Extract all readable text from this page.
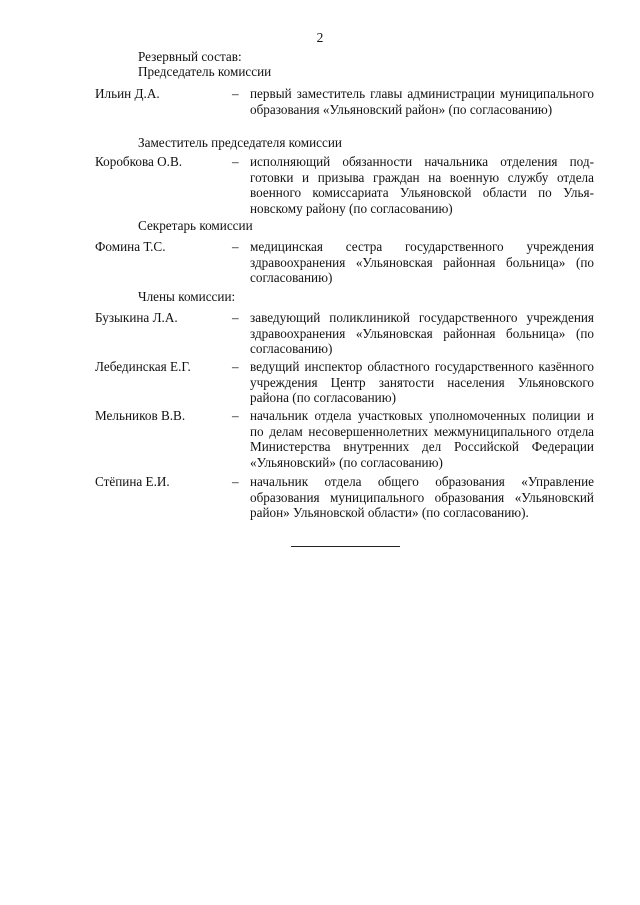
2
Резервный состав:
Председатель комиссии
Ильин Д.А.	– первый заместитель главы администрации муниципального образования «Ульяновский район» (по согласованию)
Заместитель председателя комиссии
Коробкова О.В.	– исполняющий обязанности начальника отделения подготовки и призыва граждан на военную службу отдела военного комиссариата Ульяновской области по Ульяновскому району (по согласованию)
Секретарь комиссии
Фомина Т.С.	– медицинская сестра государственного учреждения здравоохранения «Ульяновская районная больница» (по согласованию)
Члены комиссии:
Бузыкина Л.А.	– заведующий поликлиникой государственного учреждения здравоохранения «Ульяновская районная больница» (по согласованию)
Лебединская Е.Г.	– ведущий инспектор областного государственного казённого учреждения Центр занятости населения Ульяновского района (по согласованию)
Мельников В.В.	– начальник отдела участковых уполномоченных полиции и по делам несовершеннолетних межмуниципального отдела Министерства внутренних дел Российской Федерации «Ульяновский» (по согласованию)
Стёпина Е.И.	– начальник отдела общего образования «Управление образования муниципального образования «Ульяновский район» Ульяновской области» (по согласованию).
